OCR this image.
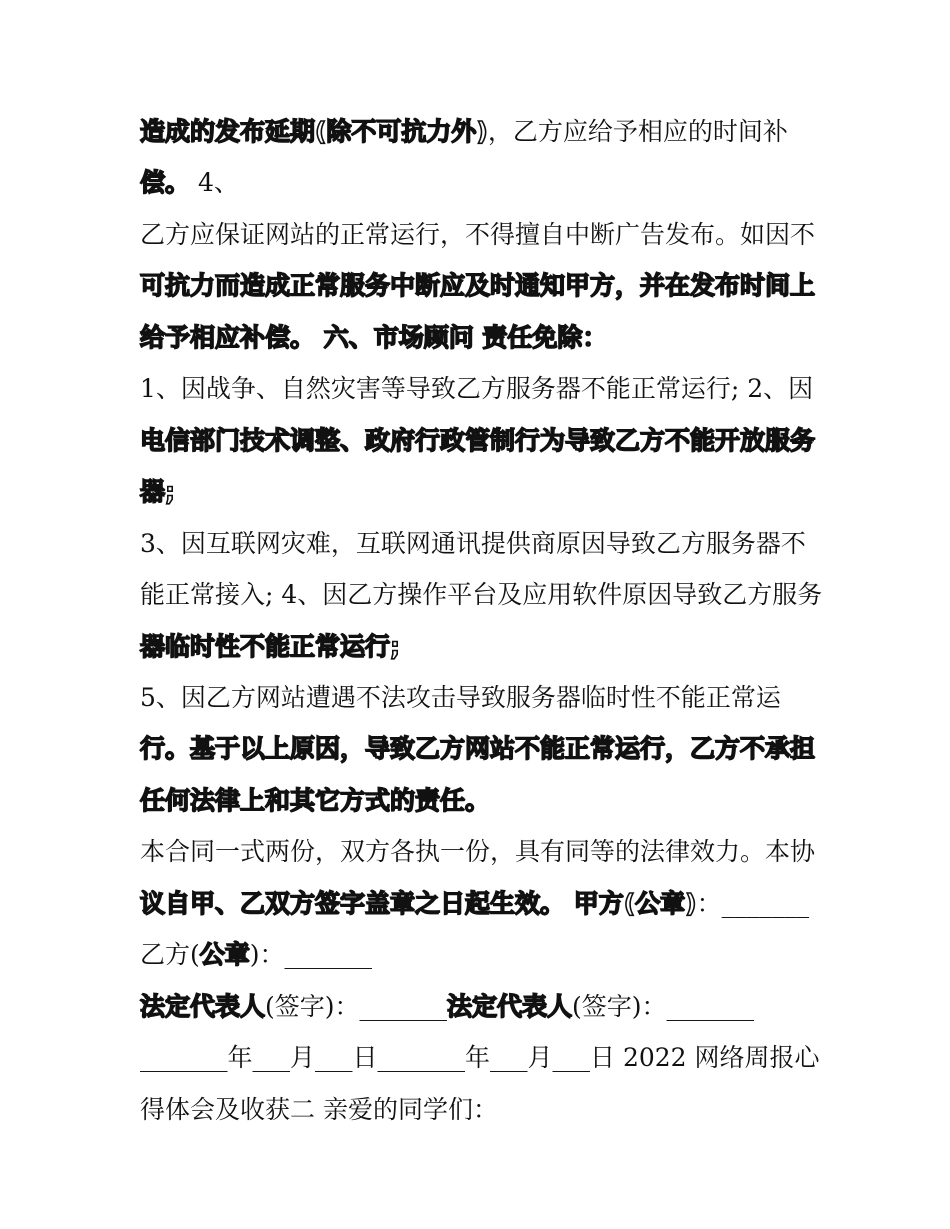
造成的发布延期(除不可抗力外)，乙方应给予相应的时间补
偿。 4、
乙方应保证网站的正常运行，不得擅自中断广告发布。如因不
可抗力而造成正常服务中断应及时通知甲方，并在发布时间上
给予相应补偿。 六、市场顾问 责任免除：
1、因战争、自然灾害等导致乙方服务器不能正常运行; 2、因
电信部门技术调整、政府行政管制行为导致乙方不能开放服务
器;
3、因互联网灾难，互联网通讯提供商原因导致乙方服务器不
能正常接入; 4、因乙方操作平台及应用软件原因导致乙方服务
器临时性不能正常运行;
5、因乙方网站遭遇不法攻击导致服务器临时性不能正常运
行。基于以上原因，导致乙方网站不能正常运行，乙方不承担
任何法律上和其它方式的责任。
本合同一式两份，双方各执一份，具有同等的法律效力。本协
议自甲、乙双方签字盖章之日起生效。 甲方(公章)：_______
乙方(公章)：_______
法定代表人(签字)：_______法定代表人(签字)：_______
_______年___月___日_______年___月___日 2022 网络周报心
得体会及收获二 亲爱的同学们：
